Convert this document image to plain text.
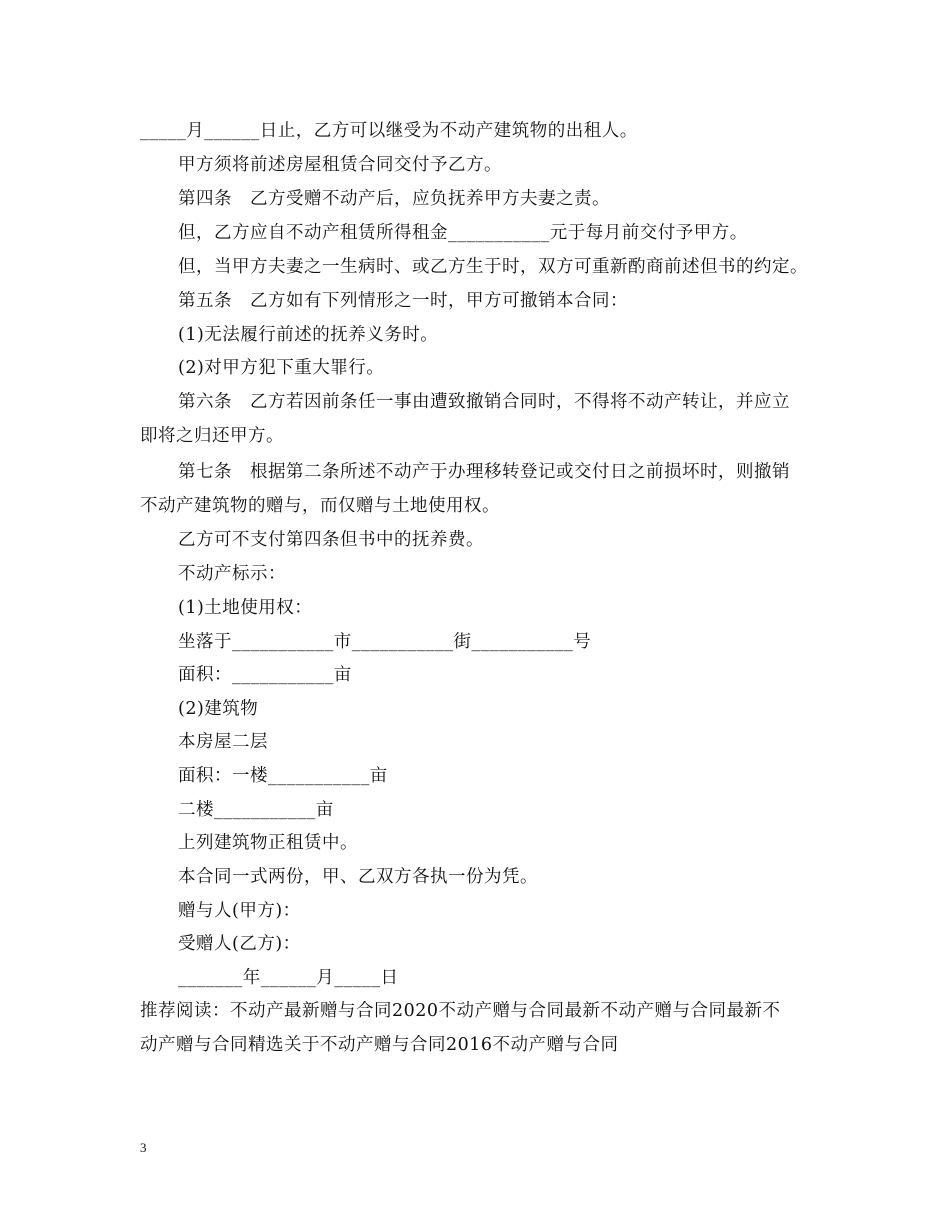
_____月______日止，乙方可以继受为不动产建筑物的出租人。
甲方须将前述房屋租赁合同交付予乙方。
第四条　乙方受赠不动产后，应负抚养甲方夫妻之责。
但，乙方应自不动产租赁所得租金___________元于每月前交付予甲方。
但，当甲方夫妻之一生病时、或乙方生于时，双方可重新酌商前述但书的约定。
第五条　乙方如有下列情形之一时，甲方可撤销本合同：
(1)无法履行前述的抚养义务时。
(2)对甲方犯下重大罪行。
第六条　乙方若因前条任一事由遭致撤销合同时，不得将不动产转让，并应立
即将之归还甲方。
第七条　根据第二条所述不动产于办理移转登记或交付日之前损坏时，则撤销
不动产建筑物的赠与，而仅赠与土地使用权。
乙方可不支付第四条但书中的抚养费。
不动产标示：
(1)土地使用权：
坐落于___________市___________街___________号
面积：___________亩
(2)建筑物
本房屋二层
面积：一楼___________亩
二楼___________亩
上列建筑物正租赁中。
本合同一式两份，甲、乙双方各执一份为凭。
赠与人(甲方)：
受赠人(乙方)：
_______年______月_____日
推荐阅读：不动产最新赠与合同2020不动产赠与合同最新不动产赠与合同最新不
动产赠与合同精选关于不动产赠与合同2016不动产赠与合同
3
